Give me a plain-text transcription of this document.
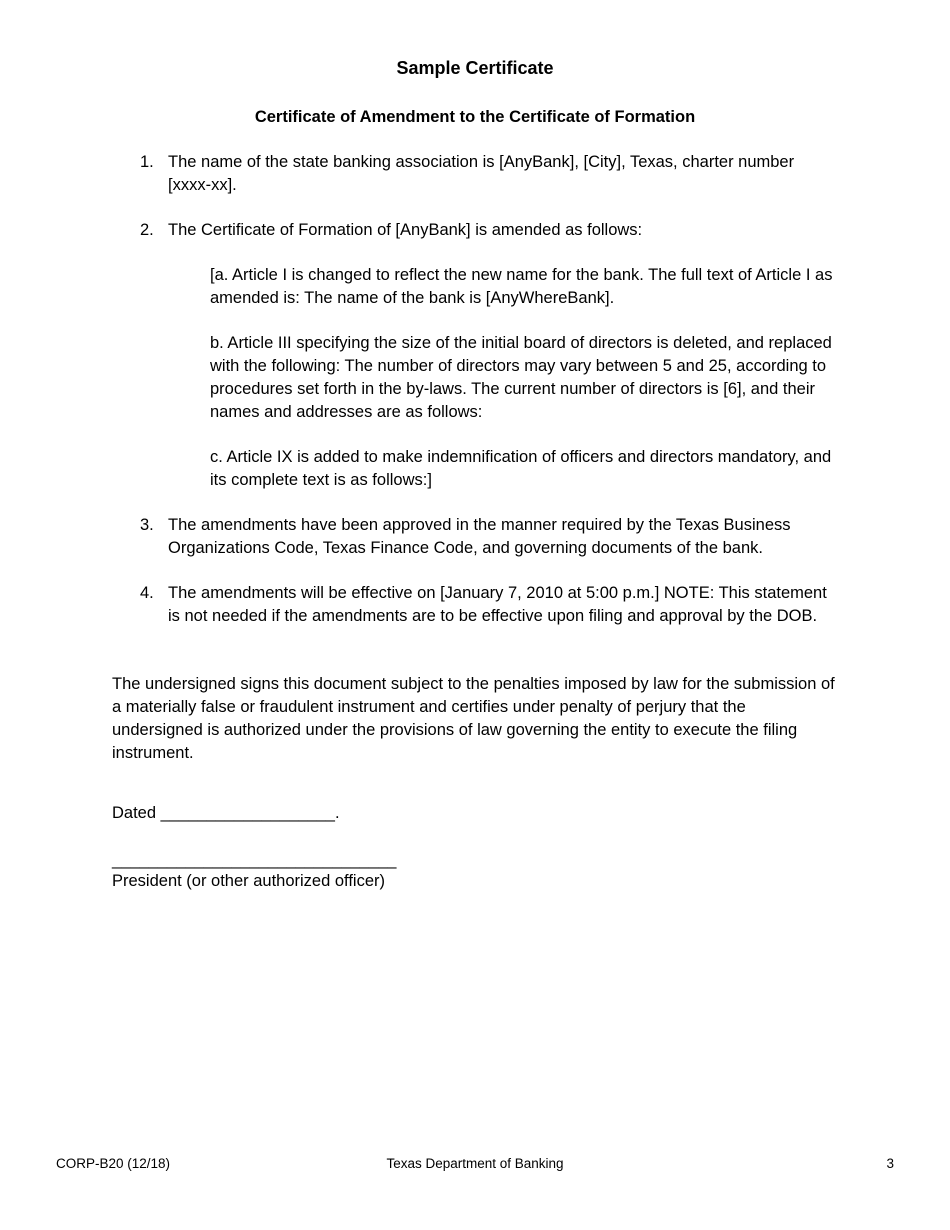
Sample Certificate
Certificate of Amendment to the Certificate of Formation
1. The name of the state banking association is [AnyBank], [City], Texas, charter number [xxxx-xx].
2. The Certificate of Formation of [AnyBank] is amended as follows:
[a. Article I is changed to reflect the new name for the bank. The full text of Article I as amended is: The name of the bank is [AnyWhereBank].
b. Article III specifying the size of the initial board of directors is deleted, and replaced with the following: The number of directors may vary between 5 and 25, according to procedures set forth in the by-laws. The current number of directors is [6], and their names and addresses are as follows:
c. Article IX is added to make indemnification of officers and directors mandatory, and its complete text is as follows:]
3. The amendments have been approved in the manner required by the Texas Business Organizations Code, Texas Finance Code, and governing documents of the bank.
4. The amendments will be effective on [January 7, 2010 at 5:00 p.m.] NOTE: This statement is not needed if the amendments are to be effective upon filing and approval by the DOB.
The undersigned signs this document subject to the penalties imposed by law for the submission of a materially false or fraudulent instrument and certifies under penalty of perjury that the undersigned is authorized under the provisions of law governing the entity to execute the filing instrument.
Dated ___________________.
_______________________________
President (or other authorized officer)
CORP-B20 (12/18)	Texas Department of Banking	3
